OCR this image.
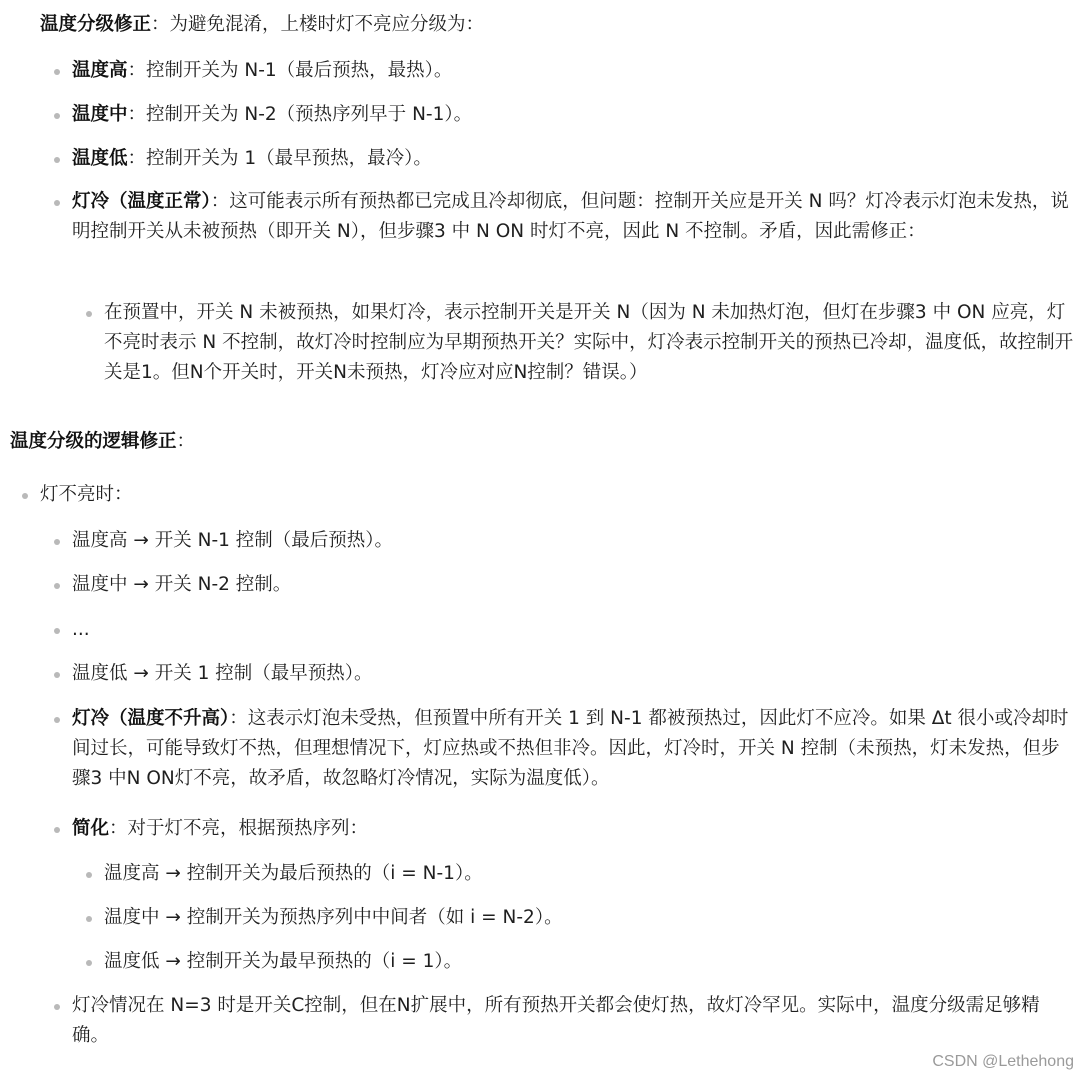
温度分级修正：为避免混淆，上楼时灯不亮应分级为：
温度高：控制开关为 N-1（最后预热，最热）。
温度中：控制开关为 N-2（预热序列早于 N-1）。
温度低：控制开关为 1（最早预热，最冷）。
灯冷（温度正常）：这可能表示所有预热都已完成且冷却彻底，但问题：控制开关应是开关 N 吗？灯冷表示灯泡未发热，说明控制开关从未被预热（即开关 N），但步骤3 中 N ON 时灯不亮，因此 N 不控制。矛盾，因此需修正：
在预置中，开关 N 未被预热，如果灯冷，表示控制开关是开关 N（因为 N 未加热灯泡，但灯在步骤3 中 ON 应亮，灯不亮时表示 N 不控制，故灯冷时控制应为早期预热开关？实际中，灯冷表示控制开关的预热已冷却，温度低，故控制开关是1。但N个开关时，开关N未预热，灯冷应对应N控制？错误。）
温度分级的逻辑修正：
灯不亮时：
温度高 → 开关 N-1 控制（最后预热）。
温度中 → 开关 N-2 控制。
...
温度低 → 开关 1 控制（最早预热）。
灯冷（温度不升高）：这表示灯泡未受热，但预置中所有开关 1 到 N-1 都被预热过，因此灯不应冷。如果 Δt 很小或冷却时间过长，可能导致灯不热，但理想情况下，灯应热或不热但非冷。因此，灯冷时，开关 N 控制（未预热，灯未发热，但步骤3 中N ON灯不亮，故矛盾，故忽略灯冷情况，实际为温度低）。
简化：对于灯不亮，根据预热序列：
温度高 → 控制开关为最后预热的（i = N-1）。
温度中 → 控制开关为预热序列中中间者（如 i = N-2）。
温度低 → 控制开关为最早预热的（i = 1）。
灯冷情况在 N=3 时是开关C控制，但在N扩展中，所有预热开关都会使灯热，故灯冷罕见。实际中，温度分级需足够精确。
CSDN @Lethehong
